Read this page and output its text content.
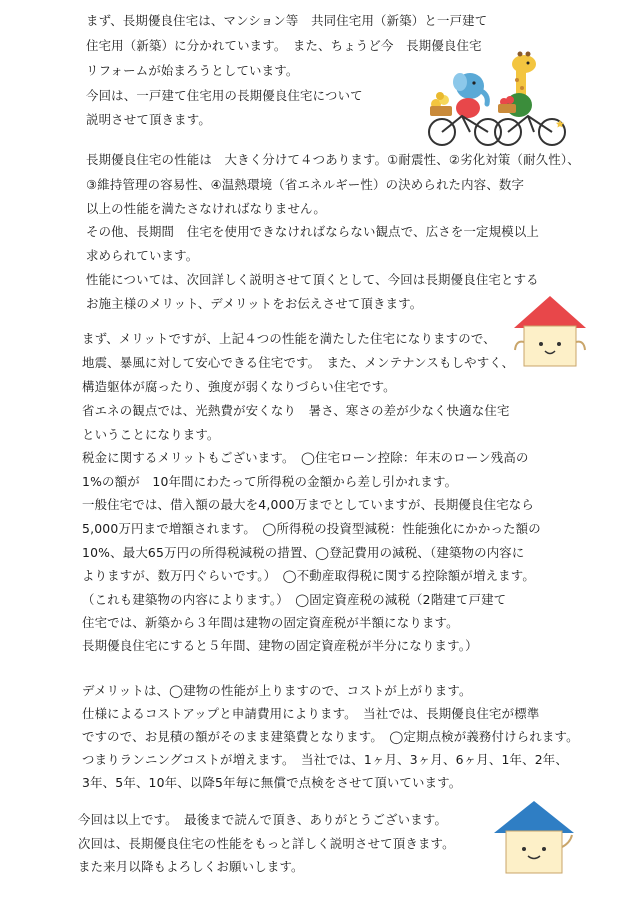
まず、長期優良住宅は、マンション等　共同住宅用（新築）と一戸建て
住宅用（新築）に分かれています。　また、ちょうど今　長期優良住宅
リフォームが始まろうとしています。
今回は、一戸建て住宅用の長期優良住宅について
説明させて頂きます。
長期優良住宅の性能は　大きく分けて４つあります。①耐震性、②劣化対策（耐久性）、
③維持管理の容易性、④温熱環境（省エネルギー性）の決められた内容、数字
以上の性能を満たさなければなりません。
その他、長期間　住宅を使用できなければならない観点で、広さを一定規模以上
求められています。
性能については、次回詳しく説明させて頂くとして、今回は長期優良住宅とする
お施主様のメリット、デメリットをお伝えさせて頂きます。
まず、メリットですが、上記４つの性能を満たした住宅になりますので、
地震、暴風に対して安心できる住宅です。　また、メンテナンスもしやすく、
構造躯体が腐ったり、強度が弱くなりづらい住宅です。
省エネの観点では、光熱費が安くなり　暑さ、寒さの差が少なく快適な住宅
ということになります。
税金に関するメリットもございます。　◯住宅ローン控除：年末のローン残高の
1%の額が　10年間にわたって所得税の金額から差し引かれます。
一般住宅では、借入額の最大を4,000万までとしていますが、長期優良住宅なら
5,000万円まで増額されます。　◯所得税の投資型減税：性能強化にかかった額の
10%、最大65万円の所得税減税の措置、◯登記費用の減税、（建築物の内容に
よりますが、数万円ぐらいです。）　◯不動産取得税に関する控除額が増えます。
（これも建築物の内容によります。）　◯固定資産税の減税（2階建て戸建て
住宅では、新築から３年間は建物の固定資産税が半額になります。
長期優良住宅にすると５年間、建物の固定資産税が半分になります。）
デメリットは、◯建物の性能が上りますので、コストが上がります。
仕様によるコストアップと申請費用によります。　当社では、長期優良住宅が標準
ですので、お見積の額がそのまま建築費となります。　◯定期点検が義務付けられます。
つまりランニングコストが増えます。　当社では、1ヶ月、3ヶ月、6ヶ月、1年、2年、
3年、5年、10年、以降5年毎に無償で点検をさせて頂いています。
今回は以上です。　最後まで読んで頂き、ありがとうございます。
次回は、長期優良住宅の性能をもっと詳しく説明させて頂きます。
また来月以降もよろしくお願いします。
